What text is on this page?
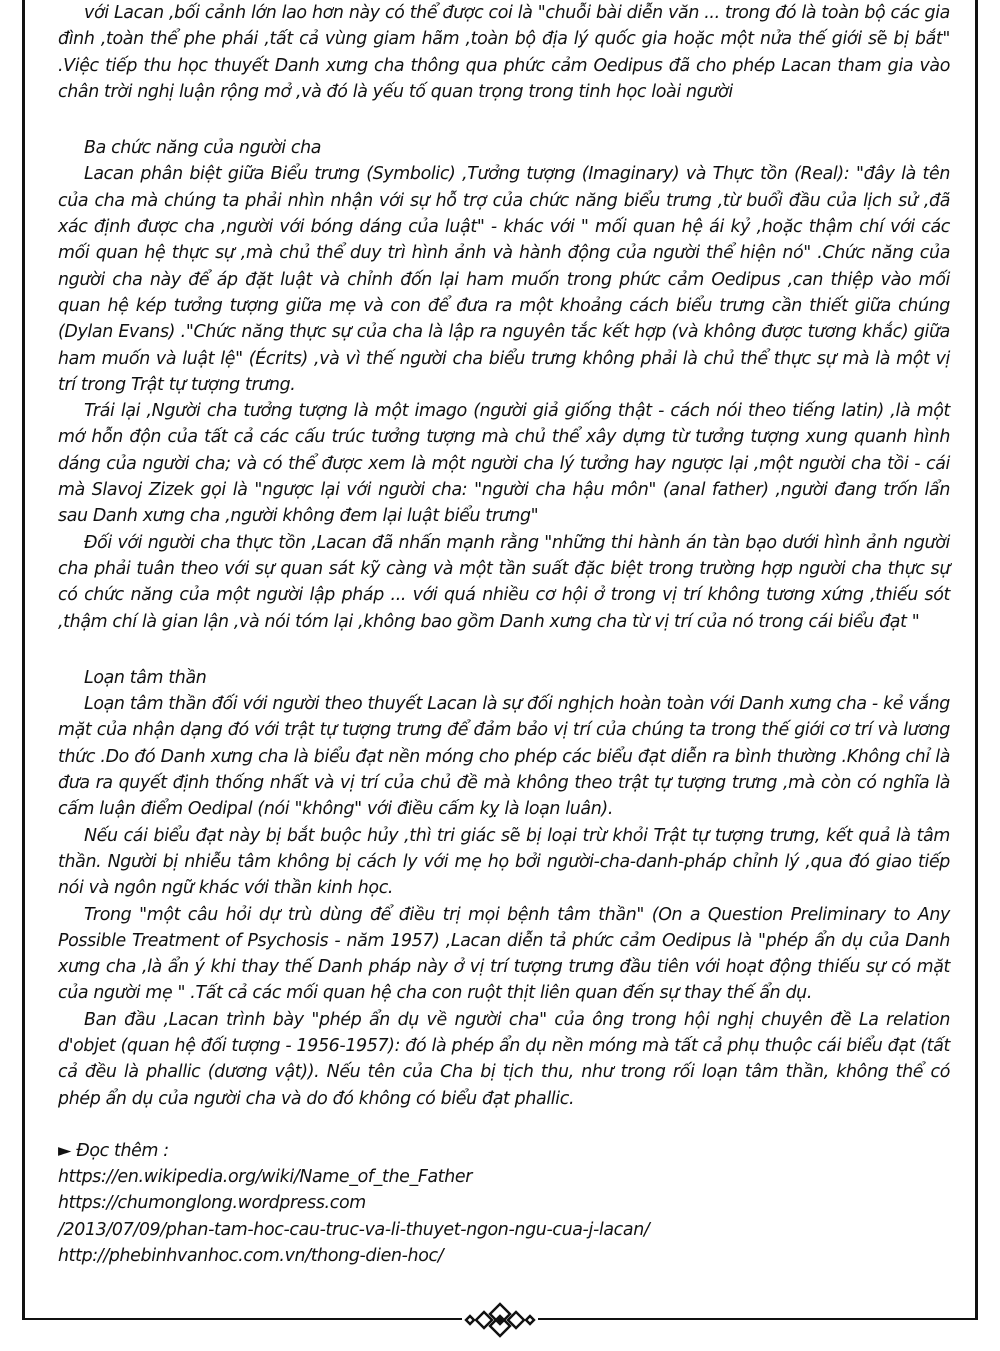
với Lacan ,bối cảnh lớn lao hơn này có thể được coi là "chuỗi bài diễn văn ... trong đó là toàn bộ các gia đình ,toàn thể phe phái ,tất cả vùng giam hãm ,toàn bộ địa lý quốc gia hoặc một nửa thế giới sẽ bị bắt" .Việc tiếp thu học thuyết Danh xưng cha thông qua phức cảm Oedipus đã cho phép Lacan tham gia vào chân trời nghị luận rộng mở ,và đó là yếu tố quan trọng trong tinh học loài người

Ba chức năng của người cha

Lacan phân biệt giữa Biểu trưng (Symbolic) ,Tưởng tượng (Imaginary) và Thực tồn (Real): "đây là tên của cha mà chúng ta phải nhìn nhận với sự hỗ trợ của chức năng biểu trưng ,từ buổi đầu của lịch sử ,đã xác định được cha ,người với bóng dáng của luật" - khác với " mối quan hệ ái kỷ ,hoặc thậm chí với các mối quan hệ thực sự ,mà chủ thể duy trì hình ảnh và hành động của người thể hiện nó" .Chức năng của người cha này để áp đặt luật và chỉnh đốn lại ham muốn trong phức cảm Oedipus ,can thiệp vào mối quan hệ kép tưởng tượng giữa mẹ và con để đưa ra một khoảng cách biểu trưng cần thiết giữa chúng (Dylan Evans) ."Chức năng thực sự của cha là lập ra nguyên tắc kết hợp (và không được tương khắc) giữa ham muốn và luật lệ" (Écrits) ,và vì thế người cha biểu trưng không phải là chủ thể thực sự mà là một vị trí trong Trật tự tượng trưng.

Trái lại ,Người cha tưởng tượng là một imago (người giả giống thật - cách nói theo tiếng latin) ,là một mớ hỗn độn của tất cả các cấu trúc tưởng tượng mà chủ thể xây dựng từ tưởng tượng xung quanh hình dáng của người cha; và có thể được xem là một người cha lý tưởng hay ngược lại ,một người cha tồi - cái mà Slavoj Zizek gọi là "ngược lại với người cha: "người cha hậu môn" (anal father) ,người đang trốn lẩn sau Danh xưng cha ,người không đem lại luật biểu trưng"

Đối với người cha thực tồn ,Lacan đã nhấn mạnh rằng "những thi hành án tàn bạo dưới hình ảnh người cha phải tuân theo với sự quan sát kỹ càng và một tần suất đặc biệt trong trường hợp người cha thực sự có chức năng của một người lập pháp ... với quá nhiều cơ hội ở trong vị trí không tương xứng ,thiếu sót ,thậm chí là gian lận ,và nói tóm lại ,không bao gồm Danh xưng cha từ vị trí của nó trong cái biểu đạt "

Loạn tâm thần

Loạn tâm thần đối với người theo thuyết Lacan là sự đối nghịch hoàn toàn với Danh xưng cha - kẻ vắng mặt của nhận dạng đó với trật tự tượng trưng để đảm bảo vị trí của chúng ta trong thế giới cơ trí và lương thức .Do đó Danh xưng cha là biểu đạt nền móng cho phép các biểu đạt diễn ra bình thường .Không chỉ là đưa ra quyết định thống nhất và vị trí của chủ đề mà không theo trật tự tượng trưng ,mà còn có nghĩa là cấm luận điểm Oedipal (nói "không" với điều cấm kỵ là loạn luân).

Nếu cái biểu đạt này bị bắt buộc hủy ,thì tri giác sẽ bị loại trừ khỏi Trật tự tượng trưng, kết quả là tâm thần. Người bị nhiễu tâm không bị cách ly với mẹ họ bởi người-cha-danh-pháp chỉnh lý ,qua đó giao tiếp nói và ngôn ngữ khác với thần kinh học.

Trong "một câu hỏi dự trù dùng để điều trị mọi bệnh tâm thần" (On a Question Preliminary to Any Possible Treatment of Psychosis - năm 1957) ,Lacan diễn tả phức cảm Oedipus là "phép ẩn dụ của Danh xưng cha ,là ẩn ý khi thay thế Danh pháp này ở vị trí tượng trưng đầu tiên với hoạt động thiếu sự có mặt của người mẹ " .Tất cả các mối quan hệ cha con ruột thịt liên quan đến sự thay thế ẩn dụ.

Ban đầu ,Lacan trình bày "phép ẩn dụ về người cha" của ông trong hội nghị chuyên đề La relation d'objet (quan hệ đối tượng - 1956-1957): đó là phép ẩn dụ nền móng mà tất cả phụ thuộc cái biểu đạt (tất cả đều là phallic (dương vật)). Nếu tên của Cha bị tịch thu, như trong rối loạn tâm thần, không thể có phép ẩn dụ của người cha và do đó không có biểu đạt phallic.

► Đọc thêm :
https://en.wikipedia.org/wiki/Name_of_the_Father
https://chumonglong.wordpress.com
/2013/07/09/phan-tam-hoc-cau-truc-va-li-thuyet-ngon-ngu-cua-j-lacan/
http://phebinhvanhoc.com.vn/thong-dien-hoc/
